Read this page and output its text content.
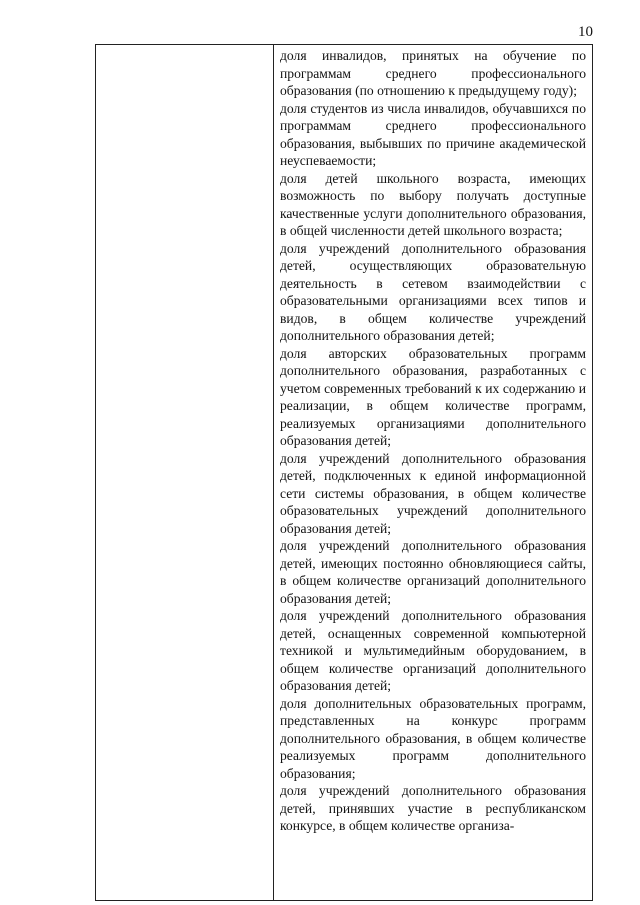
10
доля инвалидов, принятых на обучение по программам среднего профессионального образования (по отношению к предыдущему году);
доля студентов из числа инвалидов, обучавшихся по программам среднего профессионального образования, выбывших по причине академической неуспеваемости;
доля детей школьного возраста, имеющих возможность по выбору получать доступные качественные услуги дополнительного образования, в общей численности детей школьного возраста;
доля учреждений дополнительного образования детей, осуществляющих образовательную деятельность в сетевом взаимодействии с образовательными организациями всех типов и видов, в общем количестве учреждений дополнительного образования детей;
доля авторских образовательных программ дополнительного образования, разработанных с учетом современных требований к их содержанию и реализации, в общем количестве программ, реализуемых организациями дополнительного образования детей;
доля учреждений дополнительного образования детей, подключенных к единой информационной сети системы образования, в общем количестве образовательных учреждений дополнительного образования детей;
доля учреждений дополнительного образования детей, имеющих постоянно обновляющиеся сайты, в общем количестве организаций дополнительного образования детей;
доля учреждений дополнительного образования детей, оснащенных современной компьютерной техникой и мультимедийным оборудованием, в общем количестве организаций дополнительного образования детей;
доля дополнительных образовательных программ, представленных на конкурс программ дополнительного образования, в общем количестве реализуемых программ дополнительного образования;
доля учреждений дополнительного образования детей, принявших участие в республиканском конкурсе, в общем количестве организа-
